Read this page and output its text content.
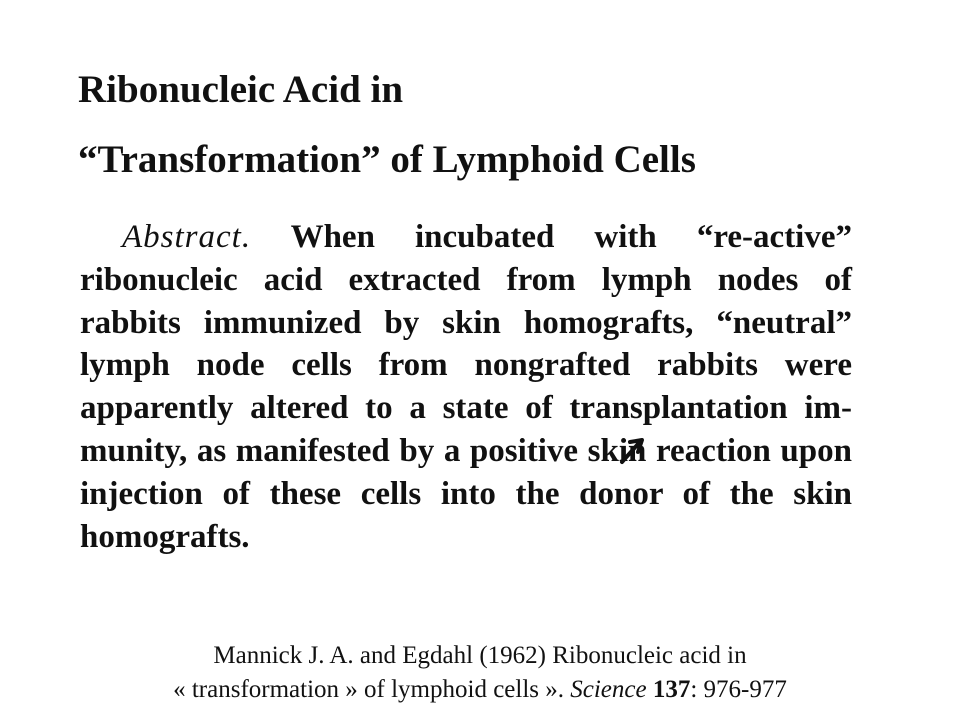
Ribonucleic Acid in
“Transformation” of Lymphoid Cells

Abstract. When incubated with “re-active” ribonucleic acid extracted from lymph nodes of rabbits immunized by skin homografts, “neutral” lymph node cells from nongrafted rabbits were apparently altered to a state of transplantation im-munity, as manifested by a positive skin reaction upon injection of these cells into the donor of the skin homografts.

Mannick J. A. and Egdahl (1962) Ribonucleic acid in
« transformation » of lymphoid cells ». Science 137: 976-977
